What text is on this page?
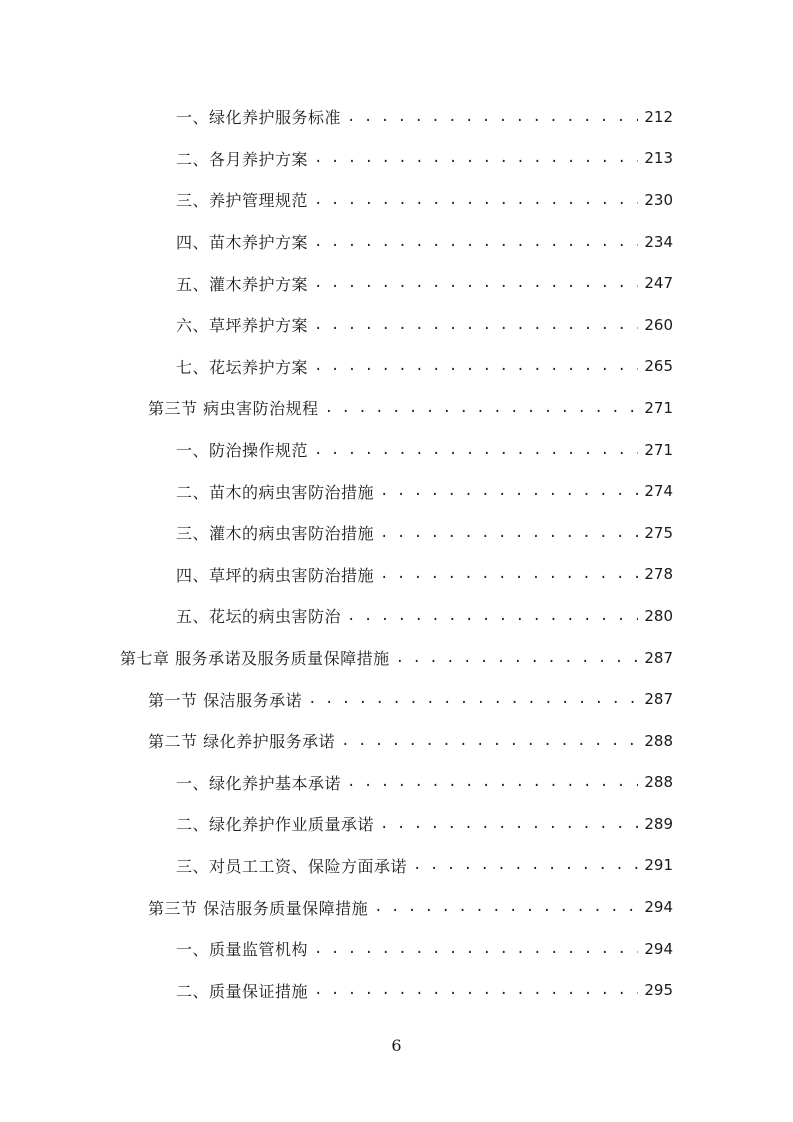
一、绿化养护服务标准 . . .	212
二、各月养护方案 . . .	213
三、养护管理规范 . . .	230
四、苗木养护方案 . . .	234
五、灌木养护方案 . . .	247
六、草坪养护方案 . . .	260
七、花坛养护方案 . . .	265
第三节 病虫害防治规程 . . .	271
一、防治操作规范 . . .	271
二、苗木的病虫害防治措施 . . .	274
三、灌木的病虫害防治措施 . . .	275
四、草坪的病虫害防治措施 . . .	278
五、花坛的病虫害防治 . . .	280
第七章 服务承诺及服务质量保障措施 . . .	287
第一节 保洁服务承诺 . . .	287
第二节 绿化养护服务承诺 . . .	288
一、绿化养护基本承诺 . . .	288
二、绿化养护作业质量承诺 . . .	289
三、对员工工资、保险方面承诺 . . .	291
第三节 保洁服务质量保障措施 . . .	294
一、质量监管机构 . . .	294
二、质量保证措施 . . .	295
6
